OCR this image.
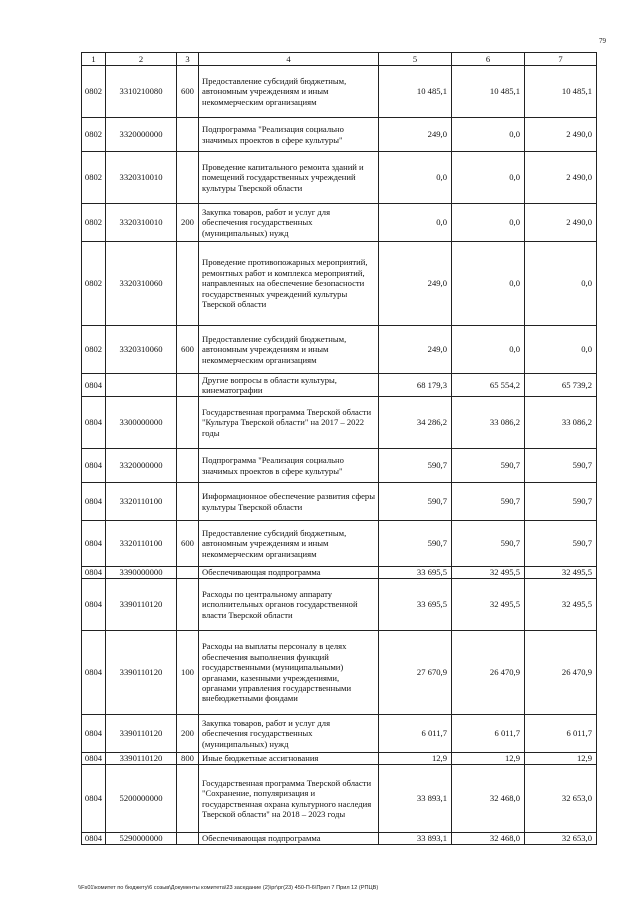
79
1	2	3	4	5	6	7
0802	3310210080	600	Предоставление субсидий бюджетным, автономным учреждениям и иным некоммерческим организациям	10 485,1	10 485,1	10 485,1
0802	3320000000		Подпрограмма "Реализация социально значимых проектов в сфере культуры"	249,0	0,0	2 490,0
0802	3320310010		Проведение капитального ремонта зданий и помещений государственных учреждений культуры Тверской области	0,0	0,0	2 490,0
0802	3320310010	200	Закупка товаров, работ и услуг для обеспечения государственных (муниципальных) нужд	0,0	0,0	2 490,0
0802	3320310060		Проведение противопожарных мероприятий, ремонтных работ и комплекса мероприятий, направленных на обеспечение безопасности государственных учреждений культуры Тверской области	249,0	0,0	0,0
0802	3320310060	600	Предоставление субсидий бюджетным, автономным учреждениям и иным некоммерческим организациям	249,0	0,0	0,0
0804			Другие вопросы в области культуры, кинематографии	68 179,3	65 554,2	65 739,2
0804	3300000000		Государственная программа Тверской области "Культура Тверской области" на 2017 – 2022 годы	34 286,2	33 086,2	33 086,2
0804	3320000000		Подпрограмма "Реализация социально значимых проектов в сфере культуры"	590,7	590,7	590,7
0804	3320110100		Информационное обеспечение развития сферы культуры Тверской области	590,7	590,7	590,7
0804	3320110100	600	Предоставление субсидий бюджетным, автономным учреждениям и иным некоммерческим организациям	590,7	590,7	590,7
0804	3390000000		Обеспечивающая подпрограмма	33 695,5	32 495,5	32 495,5
0804	3390110120		Расходы по центральному аппарату исполнительных органов государственной власти Тверской области	33 695,5	32 495,5	32 495,5
0804	3390110120	100	Расходы на выплаты персоналу в целях обеспечения выполнения функций государственными (муниципальными) органами, казенными учреждениями, органами управления государственными внебюджетными фондами	27 670,9	26 470,9	26 470,9
0804	3390110120	200	Закупка товаров, работ и услуг для обеспечения государственных (муниципальных) нужд	6 011,7	6 011,7	6 011,7
0804	3390110120	800	Иные бюджетные ассигнования	12,9	12,9	12,9
0804	5200000000		Государственная программа Тверской области "Сохранение, популяризация и государственная охрана культурного наследия Тверской области" на 2018 – 2023 годы	33 893,1	32 468,0	32 653,0
0804	5290000000		Обеспечивающая подпрограмма	33 893,1	32 468,0	32 653,0
\\Fs01\комитет по бюджету\6 созыв\Документы комитета\23 заседание (2)\рг\рг(23) 450-П-6\Прил 7 Прил 12 (РПЦВ)
